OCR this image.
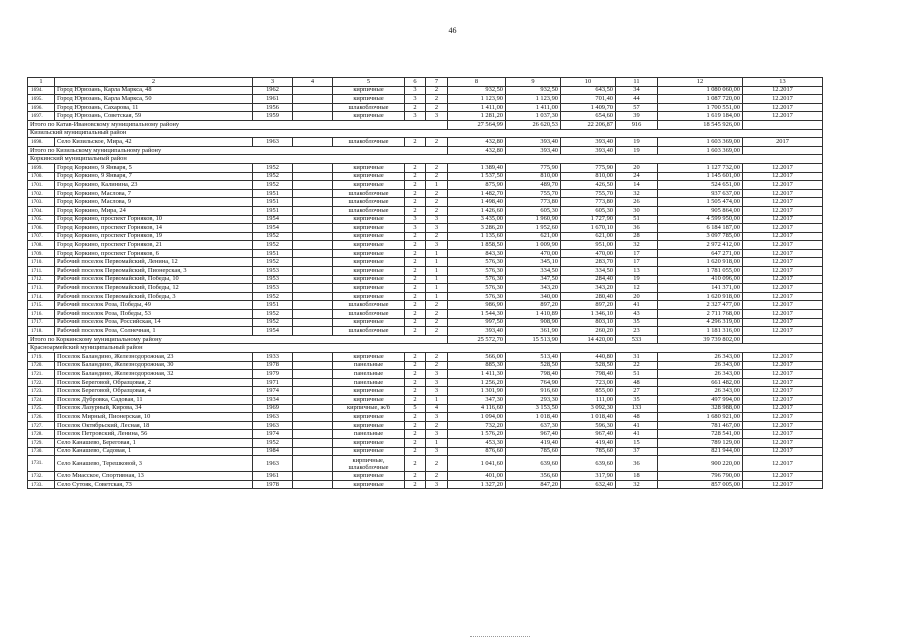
46
1	2	3	4	5	6	7	8	9	10	11	12	13
1694.	Город Юрюзань, Карла Маркса, 48	1962		кирпичные	3	2	932,50	932,50	643,50	34	1 080 060,00	12.2017
1695.	Город Юрюзань, Карла Маркса, 50	1961		кирпичные	3	2	1 123,90	1 123,90	701,40	44	1 087 720,00	12.2017
1696.	Город Юрюзань, Сахарова, 11	1956		шлакоблочные	2	2	1 411,00	1 411,00	1 409,70	57	1 700 551,00	12.2017
1697.	Город Юрюзань, Советская, 59	1959		кирпичные	3	3	1 281,20	1 037,30	654,60	39	1 619 184,00	12.2017
Итого по Катав-Ивановскому муниципальному району							27 564,99	26 620,53	22 206,87	916	18 545 926,00	
Кизильский муниципальный район												
1698.	Село Кизильское, Мира, 42	1963		шлакоблочные	2	2	432,80	393,40	393,40	19	1 603 369,00	2017
Итого по Кизильскому муниципальному району							432,80	393,40	393,40	19	1 603 369,00	
Коркинский муниципальный район												
1699.	Город Коркино, 9 Января, 5	1952		кирпичные	2	2	1 389,40	775,90	775,90	20	1 127 732,00	12.2017
1700.	Город Коркино, 9 Января, 7	1952		кирпичные	2	2	1 537,50	810,00	810,00	24	1 145 601,00	12.2017
1701.	Город Коркино, Калинина, 23	1952		кирпичные	2	1	875,90	489,70	426,50	14	524 651,00	12.2017
1702.	Город Коркино, Маслова, 7	1951		шлакоблочные	2	2	1 482,70	755,70	755,70	32	937 637,00	12.2017
1703.	Город Коркино, Маслова, 9	1951		шлакоблочные	2	2	1 498,40	773,80	773,80	26	1 505 474,00	12.2017
1704.	Город Коркино, Мира, 24	1951		шлакоблочные	2	2	1 426,60	605,30	605,30	30	905 864,00	12.2017
1705.	Город Коркино, проспект Горняков, 10	1954		кирпичные	3	3	3 435,00	1 960,90	1 727,90	51	4 599 950,00	12.2017
1706.	Город Коркино, проспект Горняков, 14	1954		кирпичные	3	3	3 286,20	1 952,60	1 670,10	36	6 184 187,00	12.2017
1707.	Город Коркино, проспект Горняков, 19	1952		кирпичные	2	2	1 135,60	621,00	621,00	28	3 097 785,00	12.2017
1708.	Город Коркино, проспект Горняков, 21	1952		кирпичные	2	3	1 858,50	1 009,90	951,00	32	2 972 412,00	12.2017
1709.	Город Коркино, проспект Горняков, 6	1951		кирпичные	2	1	843,30	470,00	470,00	17	647 271,00	12.2017
1710.	Рабочий поселок Первомайский, Ленина, 12	1952		кирпичные	2	1	576,30	345,10	283,70	17	1 620 918,00	12.2017
1711.	Рабочий поселок Первомайский, Пионерская, 3	1953		кирпичные	2	1	576,30	334,50	334,50	13	1 781 055,00	12.2017
1712.	Рабочий поселок Первомайский, Победы, 10	1953		кирпичные	2	1	576,30	347,50	284,40	19	410 096,00	12.2017
1713.	Рабочий поселок Первомайский, Победы, 12	1953		кирпичные	2	1	576,30	343,20	343,20	12	141 371,00	12.2017
1714.	Рабочий поселок Первомайский, Победы, 3	1952		кирпичные	2	1	576,30	340,00	280,40	20	1 620 918,00	12.2017
1715.	Рабочий поселок Роза, Победы, 49	1951		шлакоблочные	2	2	986,90	897,20	897,20	41	2 327 477,00	12.2017
1716.	Рабочий поселок Роза, Победы, 53	1952		шлакоблочные	2	2	1 544,30	1 410,89	1 346,10	43	2 711 768,00	12.2017
1717.	Рабочий поселок Роза, Российская, 14	1952		кирпичные	2	2	997,50	908,90	803,10	35	4 296 319,00	12.2017
1718.	Рабочий поселок Роза, Солнечная, 1	1954		шлакоблочные	2	2	393,40	361,90	260,20	23	1 181 316,00	12.2017
Итого по Коркинскому муниципальному району							25 572,70	15 513,90	14 420,00	533	39 739 802,00	
Красноармейский муниципальный район												
1719.	Поселок Баландино, Железнодорожная, 23	1933		кирпичные	2	2	566,00	513,40	440,80	31	26 343,00	12.2017
1720.	Поселок Баландино, Железнодорожная, 30	1978		панельные	2	2	885,30	528,50	528,50	22	26 343,00	12.2017
1721.	Поселок Баландино, Железнодорожная, 32	1979		панельные	2	3	1 411,30	798,40	798,40	51	26 343,00	12.2017
1722.	Поселок Береговой, Образцовая, 2	1971		панельные	2	3	1 256,20	764,90	723,00	48	661 482,00	12.2017
1723.	Поселок Береговой, Образцовая, 4	1974		кирпичные	2	3	1 301,90	916,60	855,00	27	26 343,00	12.2017
1724.	Поселок Дубровка, Садовая, 11	1934		кирпичные	2	1	347,30	293,30	111,00	35	497 994,00	12.2017
1725.	Поселок Лазурный, Кирова, 34	1969		кирпичные, ж/б	5	4	4 116,60	3 153,50	3 092,30	133	328 988,00	12.2017
1726.	Поселок Мирный, Пионерская, 10	1963		кирпичные	2	3	1 094,00	1 018,40	1 018,40	48	1 680 921,00	12.2017
1727.	Поселок Октябрьский, Лесная, 18	1963		кирпичные	2	2	732,20	637,30	596,30	41	781 467,00	12.2017
1728.	Поселок Петровский, Ленина, 56	1974		панельные	2	3	1 576,20	967,40	967,40	41	728 541,00	12.2017
1729.	Село Канашево, Береговая, 1	1952		кирпичные	2	1	453,30	419,40	419,40	15	789 129,00	12.2017
1730.	Село Канашево, Садовая, 1	1984		кирпичные	2	3	876,60	785,60	785,60	37	821 944,00	12.2017
1731.	Село Канашево, Терешковой, 3	1963		кирпичные, шлакоблочные	2	2	1 041,60	639,60	639,60	36	900 220,00	12.2017
1732.	Село Миасское, Спортивная, 13	1961		кирпичные	2	2	401,00	356,60	317,90	18	796 790,00	12.2017
1733.	Село Сутояк, Советская, 73	1978		кирпичные	2	3	1 327,20	847,20	632,40	32	857 005,00	12.2017
